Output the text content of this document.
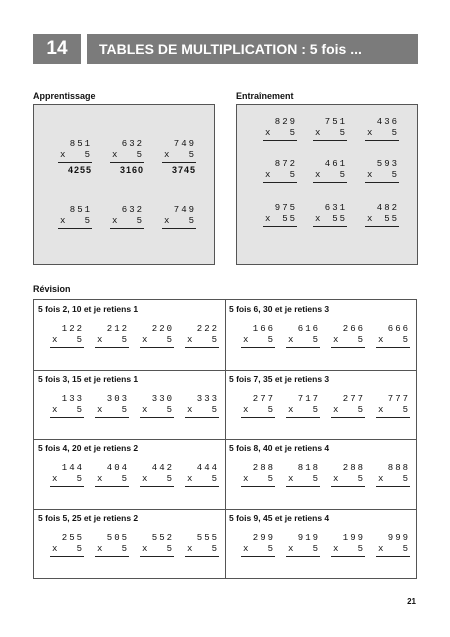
14	TABLES DE MULTIPLICATION : 5 fois ...
Apprentissage	Entraînement
851
x 5
4255
632
x 5
3160
749
x 5
3745
851
x 5
632
x 5
749
x 5
829
x 5
751
x 5
436
x 5
872
x 5
461
x 5
593
x 5
975
x 55
631
x 55
482
x 55
Révision
5 fois 2, 10 et je retiens 1
122
x 5
212
x 5
220
x 5
222
x 5
5 fois 6, 30 et je retiens 3
166
x 5
616
x 5
266
x 5
666
x 5
5 fois 3, 15 et je retiens 1
133
x 5
303
x 5
330
x 5
333
x 5
5 fois 7, 35 et je retiens 3
277
x 5
717
x 5
277
x 5
777
x 5
5 fois 4, 20 et je retiens 2
144
x 5
404
x 5
442
x 5
444
x 5
5 fois 8, 40 et je retiens 4
288
x 5
818
x 5
288
x 5
888
x 5
5 fois 5, 25 et je retiens 2
255
x 5
505
x 5
552
x 5
555
x 5
5 fois 9, 45 et je retiens 4
299
x 5
919
x 5
199
x 5
999
x 5
21
